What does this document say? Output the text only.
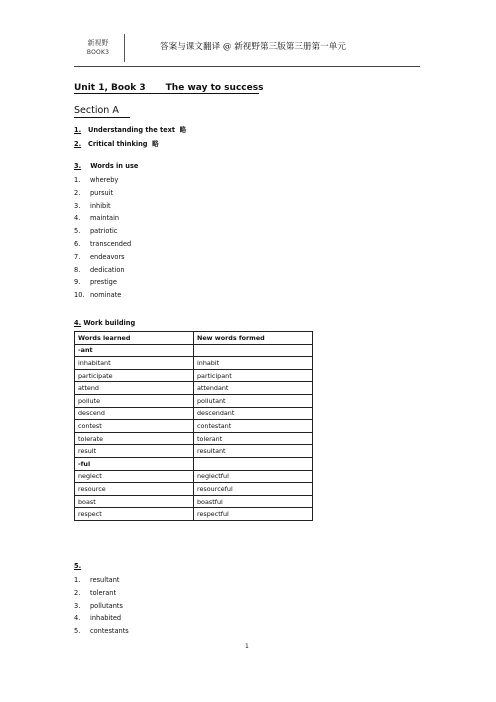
新视野
BOOK3
答案与课文翻译 @ 新视野第三版第三册第一单元
Unit 1, Book 3 The way to success
Section A
1. Understanding the text 略
2. Critical thinking 略
3. Words in use
1. whereby
2. pursuit
3. inhibit
4. maintain
5. patriotic
6. transcended
7. endeavors
8. dedication
9. prestige
10. nominate
4. Work building
Words learned	New words formed
-ant	
inhabitant	inhabit
participate	participant
attend	attendant
pollute	pollutant
descend	descendant
contest	contestant
tolerate	tolerant
result	resultant
-ful	
neglect	neglectful
resource	resourceful
boast	boastful
respect	respectful
5.
1. resultant
2. tolerant
3. pollutants
4. inhabited
5. contestants
1
